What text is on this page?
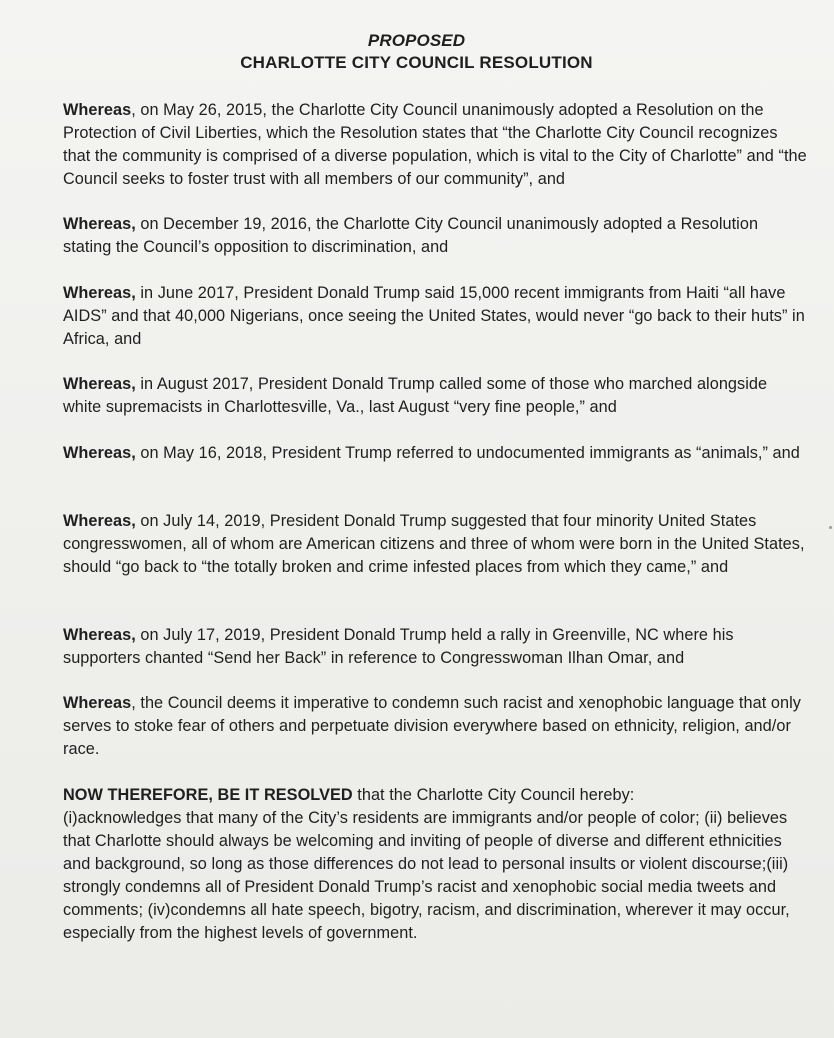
PROPOSED
CHARLOTTE CITY COUNCIL RESOLUTION

Whereas, on May 26, 2015, the Charlotte City Council unanimously adopted a Resolution on the Protection of Civil Liberties, which the Resolution states that “the Charlotte City Council recognizes that the community is comprised of a diverse population, which is vital to the City of Charlotte” and “the Council seeks to foster trust with all members of our community”, and

Whereas, on December 19, 2016, the Charlotte City Council unanimously adopted a Resolution stating the Council’s opposition to discrimination, and

Whereas, in June 2017, President Donald Trump said 15,000 recent immigrants from Haiti “all have AIDS” and that 40,000 Nigerians, once seeing the United States, would never “go back to their huts” in Africa, and

Whereas, in August 2017, President Donald Trump called some of those who marched alongside white supremacists in Charlottesville, Va., last August “very fine people,” and

Whereas, on May 16, 2018, President Trump referred to undocumented immigrants as “animals,” and

Whereas, on July 14, 2019, President Donald Trump suggested that four minority United States congresswomen, all of whom are American citizens and three of whom were born in the United States, should “go back to “the totally broken and crime infested places from which they came,” and

Whereas, on July 17, 2019, President Donald Trump held a rally in Greenville, NC where his supporters chanted “Send her Back” in reference to Congresswoman Ilhan Omar, and

Whereas, the Council deems it imperative to condemn such racist and xenophobic language that only serves to stoke fear of others and perpetuate division everywhere based on ethnicity, religion, and/or race.

NOW THEREFORE, BE IT RESOLVED that the Charlotte City Council hereby:
(i)acknowledges that many of the City’s residents are immigrants and/or people of color; (ii) believes that Charlotte should always be welcoming and inviting of people of diverse and different ethnicities and background, so long as those differences do not lead to personal insults or violent discourse;(iii) strongly condemns all of President Donald Trump’s racist and xenophobic social media tweets and comments; (iv)condemns all hate speech, bigotry, racism, and discrimination, wherever it may occur, especially from the highest levels of government.
